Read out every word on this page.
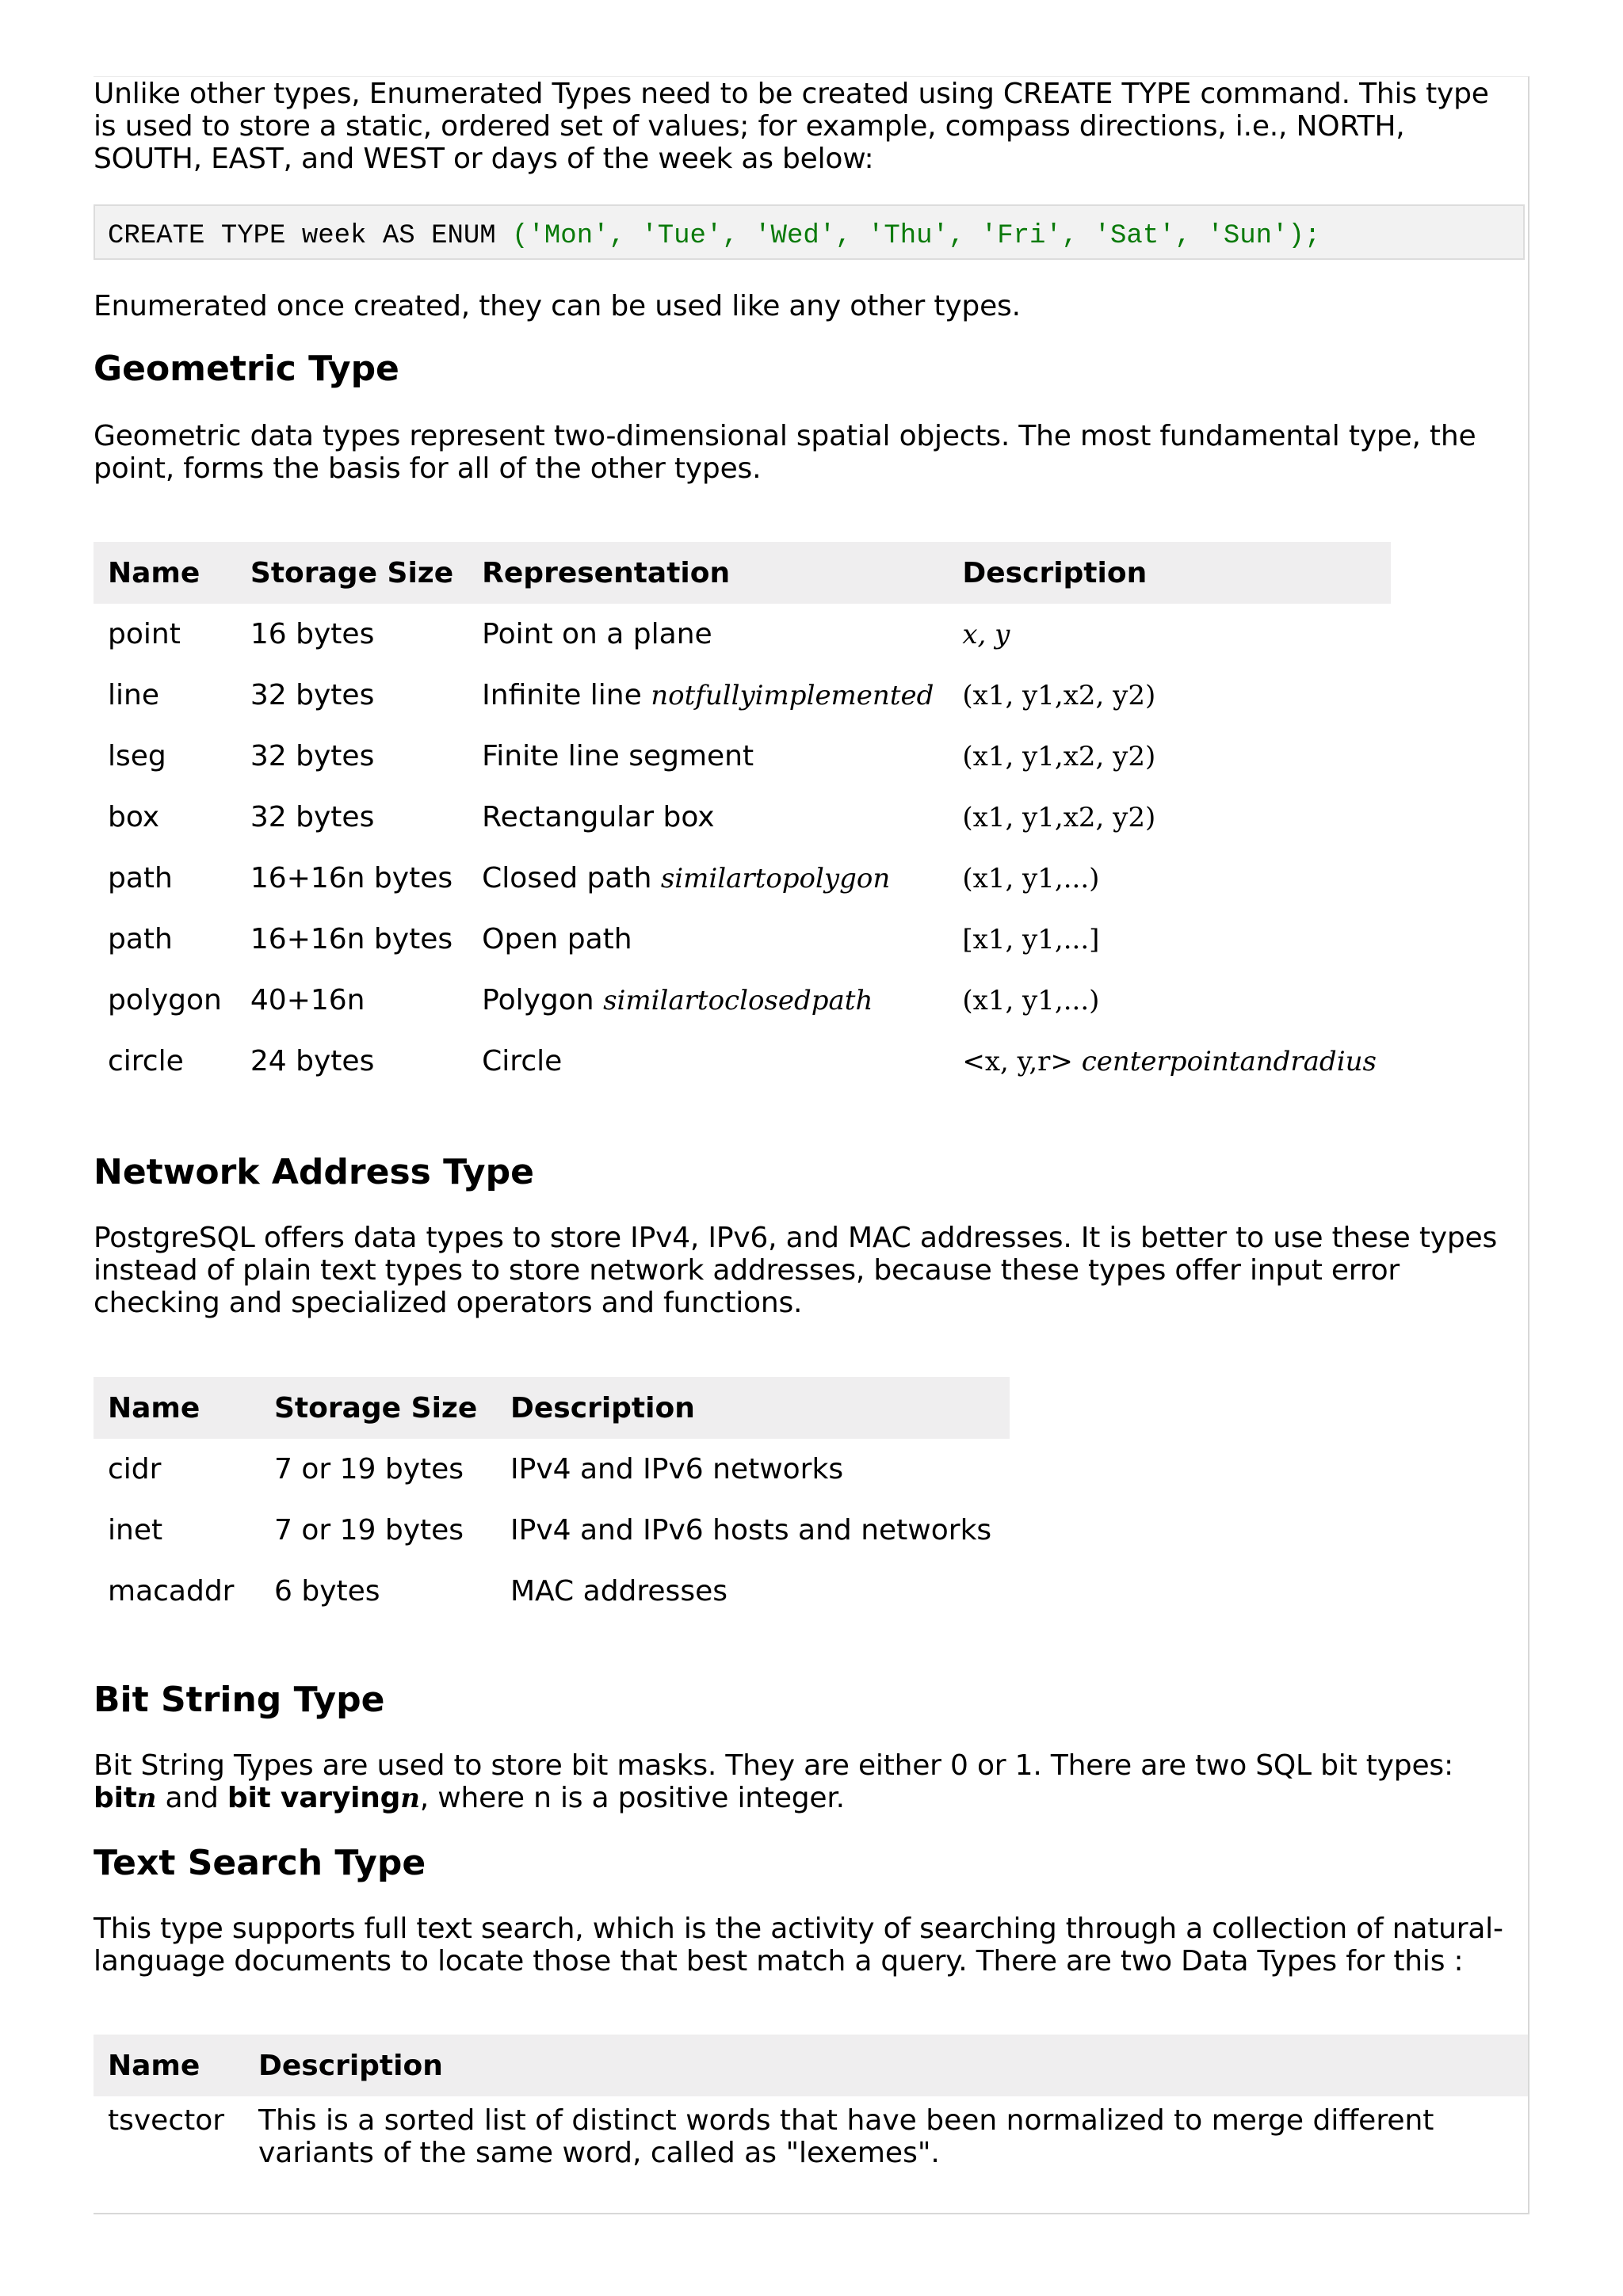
Unlike other types, Enumerated Types need to be created using CREATE TYPE command. This type

is used to store a static, ordered set of values; for example, compass directions, i.e., NORTH,

SOUTH, EAST, and WEST or days of the week as below:

CREATE TYPE week AS ENUM ('Mon', 'Tue', 'Wed', 'Thu', 'Fri', 'Sat', 'Sun');

Enumerated once created, they can be used like any other types.

Geometric Type

Geometric data types represent two-dimensional spatial objects. The most fundamental type, the

point, forms the basis for all of the other types.

Name	Storage Size	Representation	Description
point	16 bytes	Point on a plane	x, y
line	32 bytes	Infinite line notfullyimplemented	(x1, y1,x2, y2)
lseg	32 bytes	Finite line segment	(x1, y1,x2, y2)
box	32 bytes	Rectangular box	(x1, y1,x2, y2)
path	16+16n bytes	Closed path similartopolygon	(x1, y1,...)
path	16+16n bytes	Open path	[x1, y1,...]
polygon	40+16n	Polygon similartoclosedpath	(x1, y1,...)
circle	24 bytes	Circle	<x, y,r> centerpointandradius
Network Address Type

PostgreSQL offers data types to store IPv4, IPv6, and MAC addresses. It is better to use these types

instead of plain text types to store network addresses, because these types offer input error

checking and specialized operators and functions.

Name	Storage Size	Description
cidr	7 or 19 bytes	IPv4 and IPv6 networks
inet	7 or 19 bytes	IPv4 and IPv6 hosts and networks
macaddr	6 bytes	MAC addresses
Bit String Type

Bit String Types are used to store bit masks. They are either 0 or 1. There are two SQL bit types:

bitn and bit varyingn, where n is a positive integer.

Text Search Type

This type supports full text search, which is the activity of searching through a collection of natural-

language documents to locate those that best match a query. There are two Data Types for this :

Name	Description
tsvector	This is a sorted list of distinct words that have been normalized to merge different
variants of the same word, called as "lexemes".
